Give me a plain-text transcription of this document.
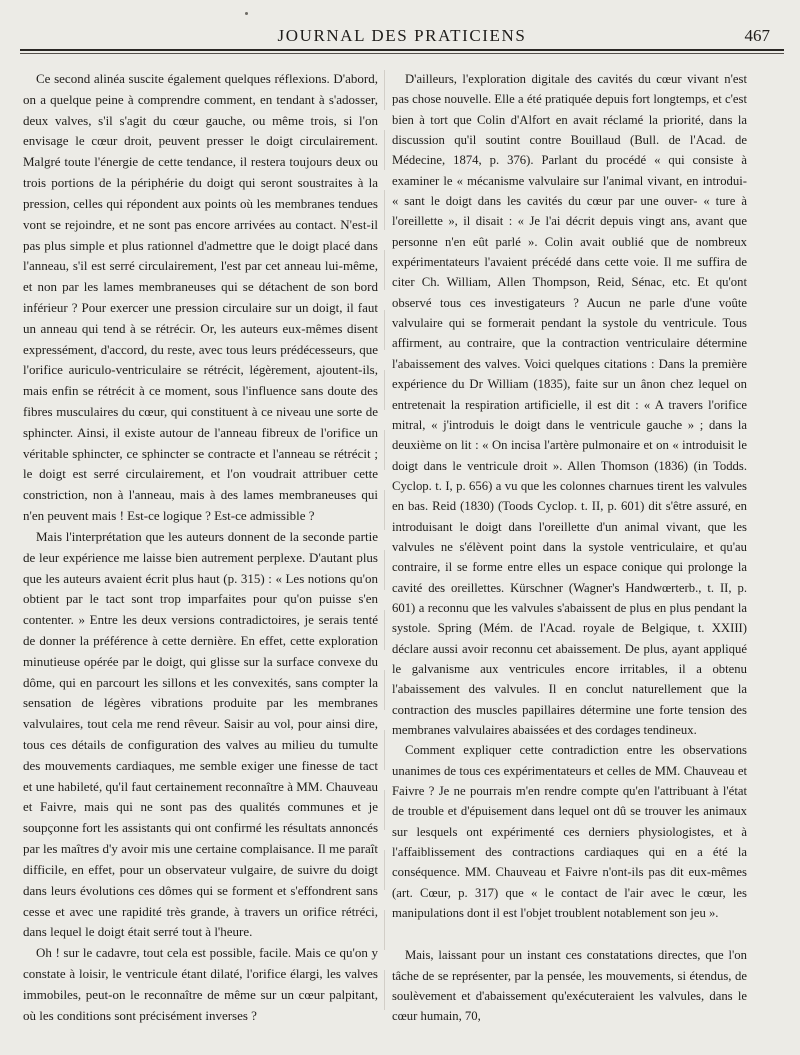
JOURNAL DES PRATICIENS	467

Ce second alinéa suscite également quelques réflexions. D'abord, on a quelque peine à comprendre comment, en tendant à s'adosser, deux valves, s'il s'agit du cœur gauche, ou même trois, si l'on envisage le cœur droit, peuvent presser le doigt circulairement. Malgré toute l'énergie de cette tendance, il restera toujours deux ou trois portions de la périphérie du doigt qui seront soustraites à la pression, celles qui répondent aux points où les membranes tendues vont se rejoindre, et ne sont pas encore arrivées au contact. N'est-il pas plus simple et plus rationnel d'admettre que le doigt placé dans l'anneau, s'il est serré circulairement, l'est par cet anneau lui-même, et non par les lames membraneuses qui se détachent de son bord inférieur ? Pour exercer une pression circulaire sur un doigt, il faut un anneau qui tend à se rétrécir. Or, les auteurs eux-mêmes disent expressément, d'accord, du reste, avec tous leurs prédécesseurs, que l'orifice auriculo-ventriculaire se rétrécit, légèrement, ajoutent-ils, mais enfin se rétrécit à ce moment, sous l'influence sans doute des fibres musculaires du cœur, qui constituent à ce niveau une sorte de sphincter. Ainsi, il existe autour de l'anneau fibreux de l'orifice un véritable sphincter, ce sphincter se contracte et l'anneau se rétrécit ; le doigt est serré circulairement, et l'on voudrait attribuer cette constriction, non à l'anneau, mais à des lames membraneuses qui n'en peuvent mais ! Est-ce logique ? Est-ce admissible ?

Mais l'interprétation que les auteurs donnent de la seconde partie de leur expérience me laisse bien autrement perplexe. D'autant plus que les auteurs avaient écrit plus haut (p. 315) : « Les notions qu'on obtient par le tact sont trop imparfaites pour qu'on puisse s'en contenter. » Entre les deux versions contradictoires, je serais tenté de donner la préférence à cette dernière. En effet, cette exploration minutieuse opérée par le doigt, qui glisse sur la surface convexe du dôme, qui en parcourt les sillons et les convexités, sans compter la sensation de légères vibrations produite par les membranes valvulaires, tout cela me rend rêveur. Saisir au vol, pour ainsi dire, tous ces détails de configuration des valves au milieu du tumulte des mouvements cardiaques, me semble exiger une finesse de tact et une habileté, qu'il faut certainement reconnaître à MM. Chauveau et Faivre, mais qui ne sont pas des qualités communes et je soupçonne fort les assistants qui ont confirmé les résultats annoncés par les maîtres d'y avoir mis une certaine complaisance. Il me paraît difficile, en effet, pour un observateur vulgaire, de suivre du doigt dans leurs évolutions ces dômes qui se forment et s'effondrent sans cesse et avec une rapidité très grande, à travers un orifice rétréci, dans lequel le doigt était serré tout à l'heure.

Oh ! sur le cadavre, tout cela est possible, facile. Mais ce qu'on y constate à loisir, le ventricule étant dilaté, l'orifice élargi, les valves immobiles, peut-on le reconnaître de même sur un cœur palpitant, où les conditions sont précisément inverses ?

D'ailleurs, l'exploration digitale des cavités du cœur vivant n'est pas chose nouvelle. Elle a été pratiquée depuis fort longtemps, et c'est bien à tort que Colin d'Alfort en avait réclamé la priorité, dans la discussion qu'il soutint contre Bouillaud (Bull. de l'Acad. de Médecine, 1874, p. 376). Parlant du procédé « qui consiste à examiner le « mécanisme valvulaire sur l'animal vivant, en introdui- « sant le doigt dans les cavités du cœur par une ouver- « ture à l'oreillette », il disait : « Je l'ai décrit depuis vingt ans, avant que personne n'en eût parlé ». Colin avait oublié que de nombreux expérimentateurs l'avaient précédé dans cette voie. Il me suffira de citer Ch. William, Allen Thompson, Reid, Sénac, etc. Et qu'ont observé tous ces investigateurs ? Aucun ne parle d'une voûte valvulaire qui se formerait pendant la systole du ventricule. Tous affirment, au contraire, que la contraction ventriculaire détermine l'abaissement des valves. Voici quelques citations : Dans la première expérience du Dr William (1835), faite sur un ânon chez lequel on entretenait la respiration artificielle, il est dit : « A travers l'orifice mitral, « j'introduis le doigt dans le ventricule gauche » ; dans la deuxième on lit : « On incisa l'artère pulmonaire et on « introduisit le doigt dans le ventricule droit ». Allen Thomson (1836) (in Todds. Cyclop. t. I, p. 656) a vu que les colonnes charnues tirent les valvules en bas. Reid (1830) (Toods Cyclop. t. II, p. 601) dit s'être assuré, en introduisant le doigt dans l'oreillette d'un animal vivant, que les valvules ne s'élèvent point dans la systole ventriculaire, et qu'au contraire, il se forme entre elles un espace conique qui prolonge la cavité des oreillettes. Kürschner (Wagner's Handwœrterb., t. II, p. 601) a reconnu que les valvules s'abaissent de plus en plus pendant la systole. Spring (Mém. de l'Acad. royale de Belgique, t. XXIII) déclare aussi avoir reconnu cet abaissement. De plus, ayant appliqué le galvanisme aux ventricules encore irritables, il a obtenu l'abaissement des valvules. Il en conclut naturellement que la contraction des muscles papillaires détermine une forte tension des membranes valvulaires abaissées et des cordages tendineux.

Comment expliquer cette contradiction entre les observations unanimes de tous ces expérimentateurs et celles de MM. Chauveau et Faivre ? Je ne pourrais m'en rendre compte qu'en l'attribuant à l'état de trouble et d'épuisement dans lequel ont dû se trouver les animaux sur lesquels ont expérimenté ces derniers physiologistes, et à l'affaiblissement des contractions cardiaques qui en a été la conséquence. MM. Chauveau et Faivre n'ont-ils pas dit eux-mêmes (art. Cœur, p. 317) que « le contact de l'air avec le cœur, les manipulations dont il est l'objet troublent notablement son jeu ».

Mais, laissant pour un instant ces constatations directes, que l'on tâche de se représenter, par la pensée, les mouvements, si étendus, de soulèvement et d'abaissement qu'exécuteraient les valvules, dans le cœur humain, 70,
